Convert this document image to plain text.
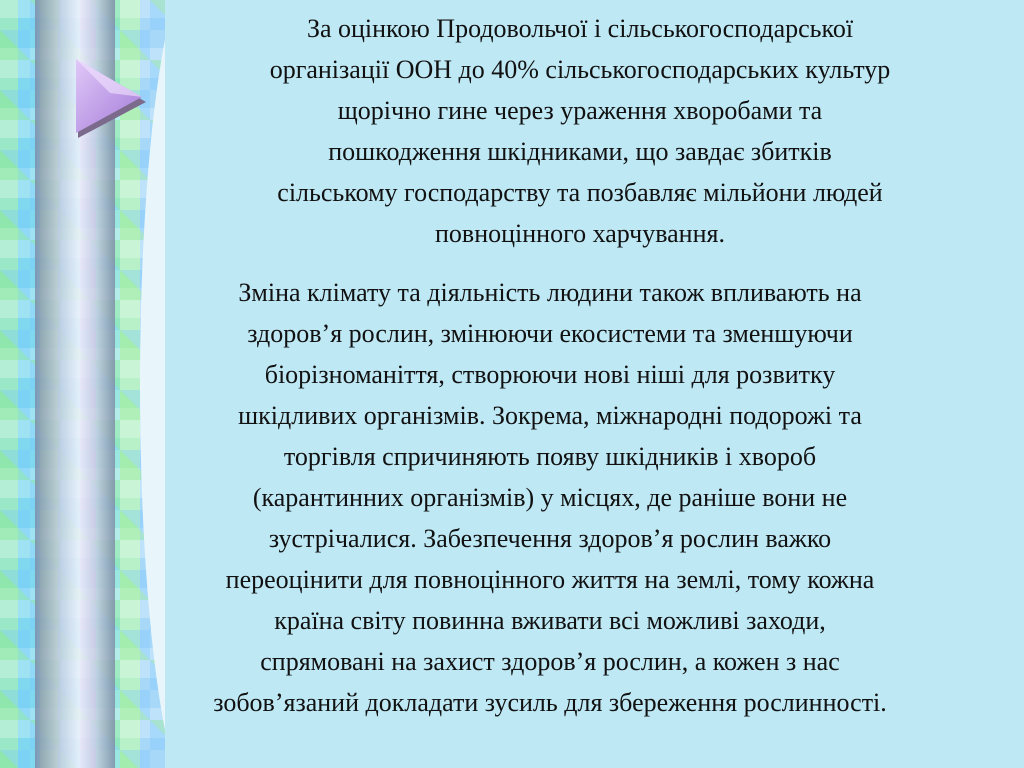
За оцінкою Продовольчої і сільськогосподарської
організації ООН до 40% сільськогосподарських культур
щорічно гине через ураження хворобами та
пошкодження шкідниками, що завдає збитків
сільському господарству та позбавляє мільйони людей
повноцінного харчування.

Зміна клімату та діяльність людини також впливають на
здоров’я рослин, змінюючи екосистеми та зменшуючи
біорізноманіття, створюючи нові ніші для розвитку
шкідливих організмів. Зокрема, міжнародні подорожі та
торгівля спричиняють появу шкідників і хвороб
(карантинних організмів) у місцях, де раніше вони не
зустрічалися. Забезпечення здоров’я рослин важко
переоцінити для повноцінного життя на землі, тому кожна
країна світу повинна вживати всі можливі заходи,
спрямовані на захист здоров’я рослин, а кожен з нас
зобов’язаний докладати зусиль для збереження рослинності.
